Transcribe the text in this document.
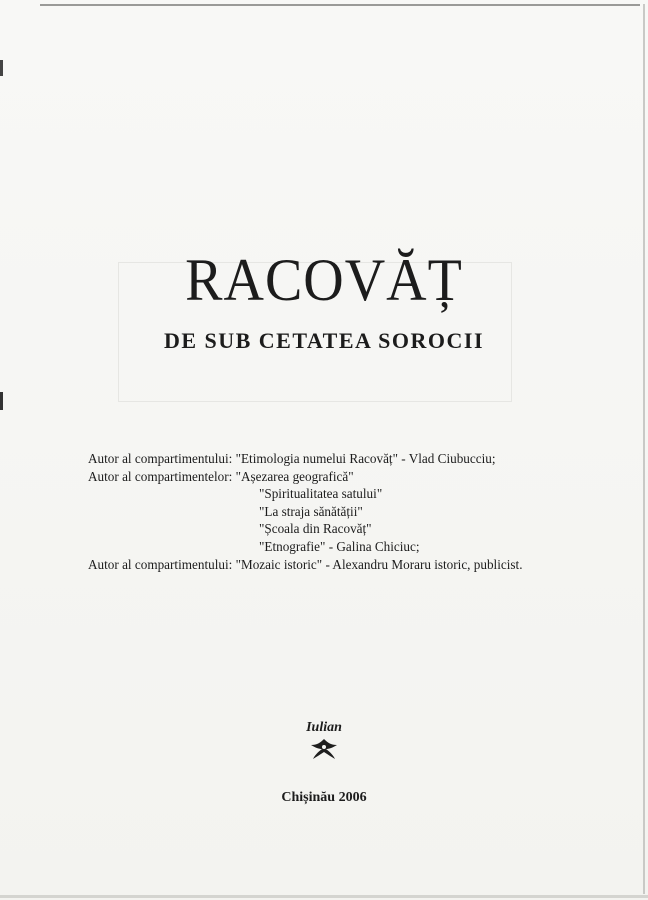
RACOVĂȚ
DE SUB CETATEA SOROCII
Autor al compartimentului: "Etimologia numelui Racovăț" - Vlad Ciubucciu;
Autor al compartimentelor: "Așezarea geografică"
"Spiritualitatea satului"
"La straja sănătății"
"Școala din Racovăț"
"Etnografie" - Galina Chiciuc;
Autor al compartimentului: "Mozaic istoric" - Alexandru Moraru istoric, publicist.
Iulian
Chișinău 2006
